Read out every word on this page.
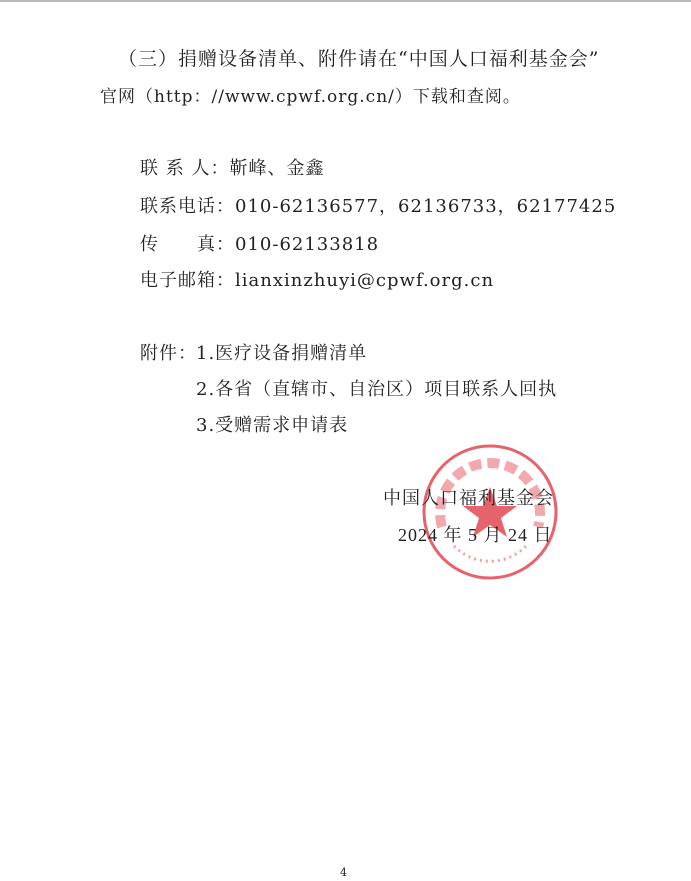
（三）捐赠设备清单、附件请在“中国人口福利基金会”
官网（http：//www.cpwf.org.cn/）下载和查阅。
联 系 人：靳峰、金鑫
联系电话：010-62136577，62136733，62177425
传　　真：010-62133818
电子邮箱：lianxinzhuyi@cpwf.org.cn
附件： 1.医疗设备捐赠清单
2.各省（直辖市、自治区）项目联系人回执
3.受赠需求申请表
中国人口福利基金会
2024 年 5 月 24 日
4
